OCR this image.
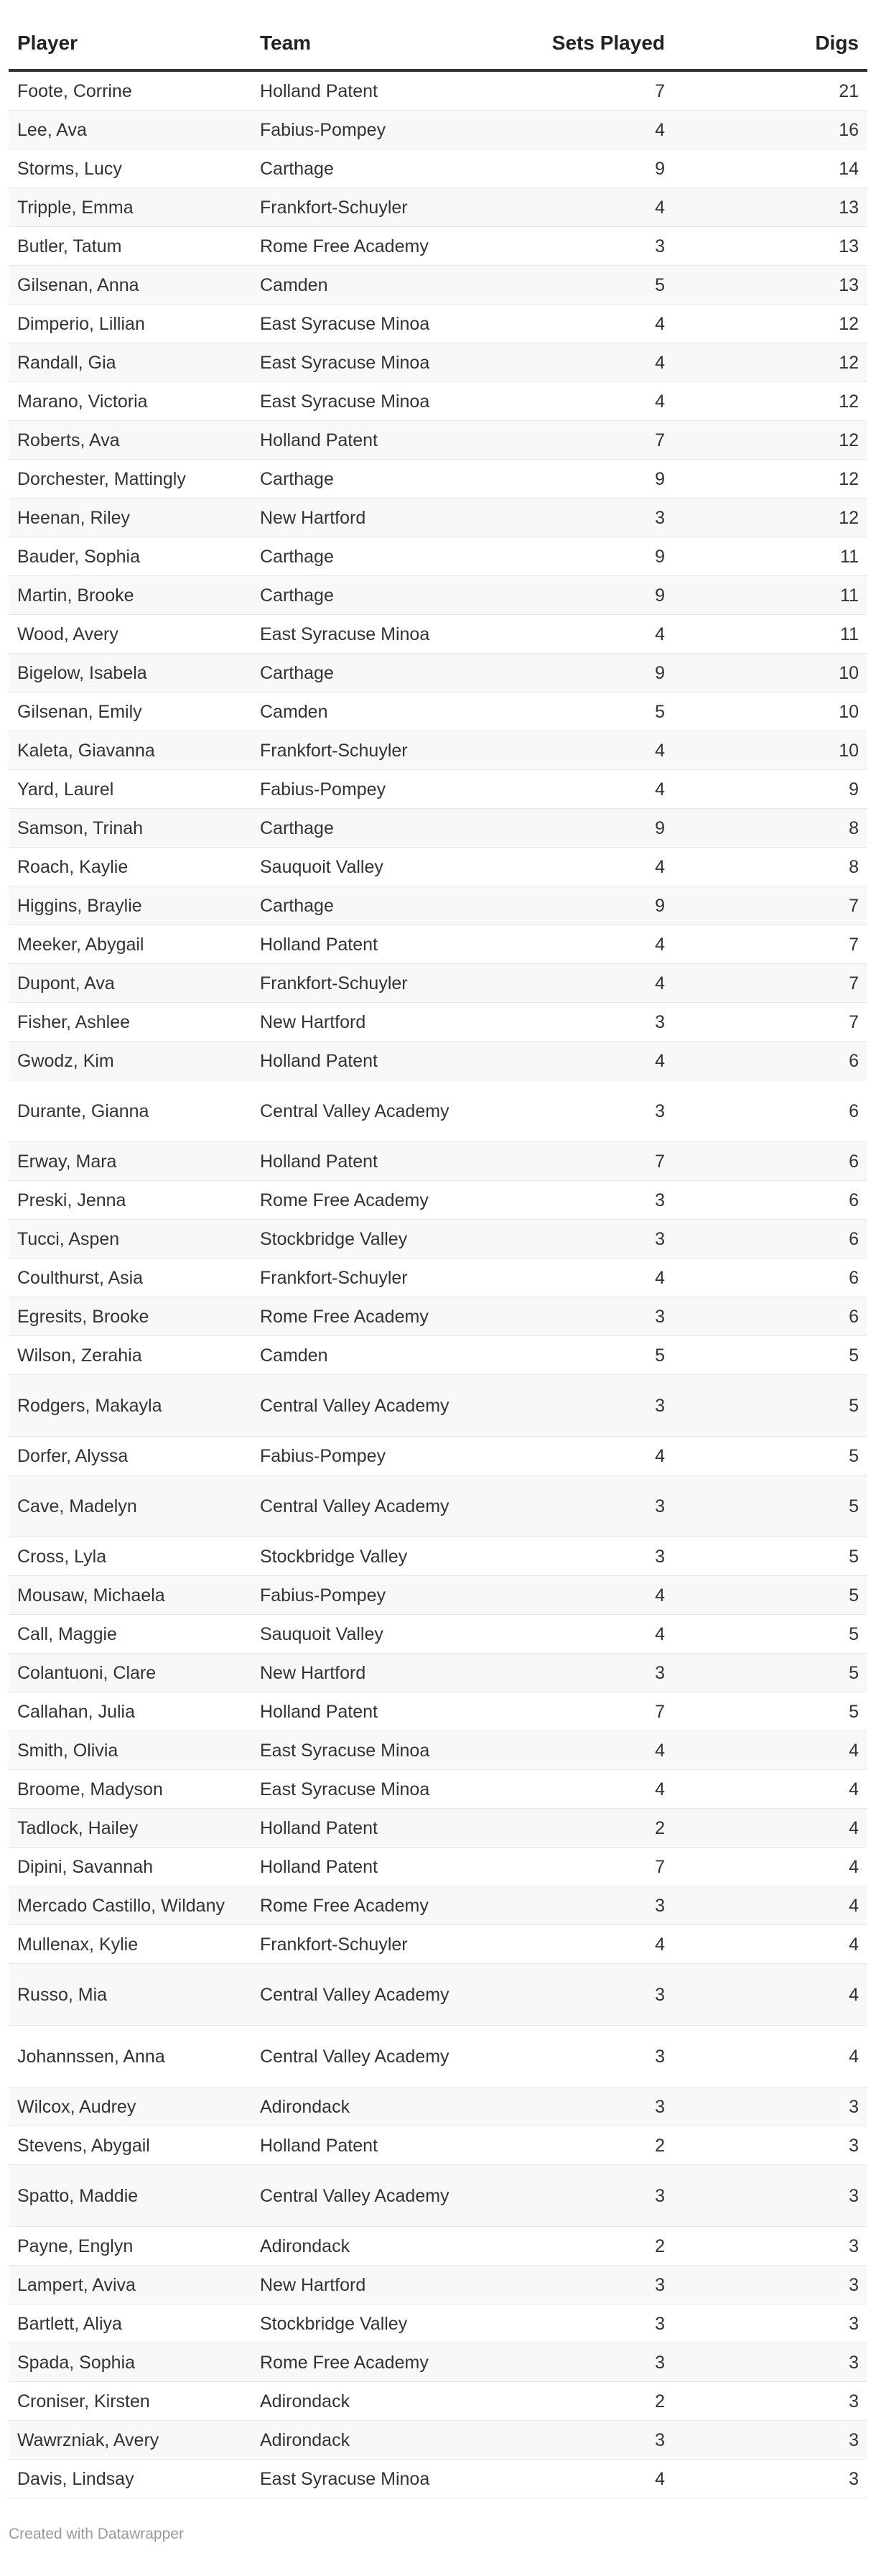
Player	Team	Sets Played	Digs
Foote, Corrine	Holland Patent	7	21
Lee, Ava	Fabius-Pompey	4	16
Storms, Lucy	Carthage	9	14
Tripple, Emma	Frankfort-Schuyler	4	13
Butler, Tatum	Rome Free Academy	3	13
Gilsenan, Anna	Camden	5	13
Dimperio, Lillian	East Syracuse Minoa	4	12
Randall, Gia	East Syracuse Minoa	4	12
Marano, Victoria	East Syracuse Minoa	4	12
Roberts, Ava	Holland Patent	7	12
Dorchester, Mattingly	Carthage	9	12
Heenan, Riley	New Hartford	3	12
Bauder, Sophia	Carthage	9	11
Martin, Brooke	Carthage	9	11
Wood, Avery	East Syracuse Minoa	4	11
Bigelow, Isabela	Carthage	9	10
Gilsenan, Emily	Camden	5	10
Kaleta, Giavanna	Frankfort-Schuyler	4	10
Yard, Laurel	Fabius-Pompey	4	9
Samson, Trinah	Carthage	9	8
Roach, Kaylie	Sauquoit Valley	4	8
Higgins, Braylie	Carthage	9	7
Meeker, Abygail	Holland Patent	4	7
Dupont, Ava	Frankfort-Schuyler	4	7
Fisher, Ashlee	New Hartford	3	7
Gwodz, Kim	Holland Patent	4	6
Durante, Gianna	Central Valley Academy	3	6
Erway, Mara	Holland Patent	7	6
Preski, Jenna	Rome Free Academy	3	6
Tucci, Aspen	Stockbridge Valley	3	6
Coulthurst, Asia	Frankfort-Schuyler	4	6
Egresits, Brooke	Rome Free Academy	3	6
Wilson, Zerahia	Camden	5	5
Rodgers, Makayla	Central Valley Academy	3	5
Dorfer, Alyssa	Fabius-Pompey	4	5
Cave, Madelyn	Central Valley Academy	3	5
Cross, Lyla	Stockbridge Valley	3	5
Mousaw, Michaela	Fabius-Pompey	4	5
Call, Maggie	Sauquoit Valley	4	5
Colantuoni, Clare	New Hartford	3	5
Callahan, Julia	Holland Patent	7	5
Smith, Olivia	East Syracuse Minoa	4	4
Broome, Madyson	East Syracuse Minoa	4	4
Tadlock, Hailey	Holland Patent	2	4
Dipini, Savannah	Holland Patent	7	4
Mercado Castillo, Wildany	Rome Free Academy	3	4
Mullenax, Kylie	Frankfort-Schuyler	4	4
Russo, Mia	Central Valley Academy	3	4
Johannssen, Anna	Central Valley Academy	3	4
Wilcox, Audrey	Adirondack	3	3
Stevens, Abygail	Holland Patent	2	3
Spatto, Maddie	Central Valley Academy	3	3
Payne, Englyn	Adirondack	2	3
Lampert, Aviva	New Hartford	3	3
Bartlett, Aliya	Stockbridge Valley	3	3
Spada, Sophia	Rome Free Academy	3	3
Croniser, Kirsten	Adirondack	2	3
Wawrzniak, Avery	Adirondack	3	3
Davis, Lindsay	East Syracuse Minoa	4	3
Created with Datawrapper
